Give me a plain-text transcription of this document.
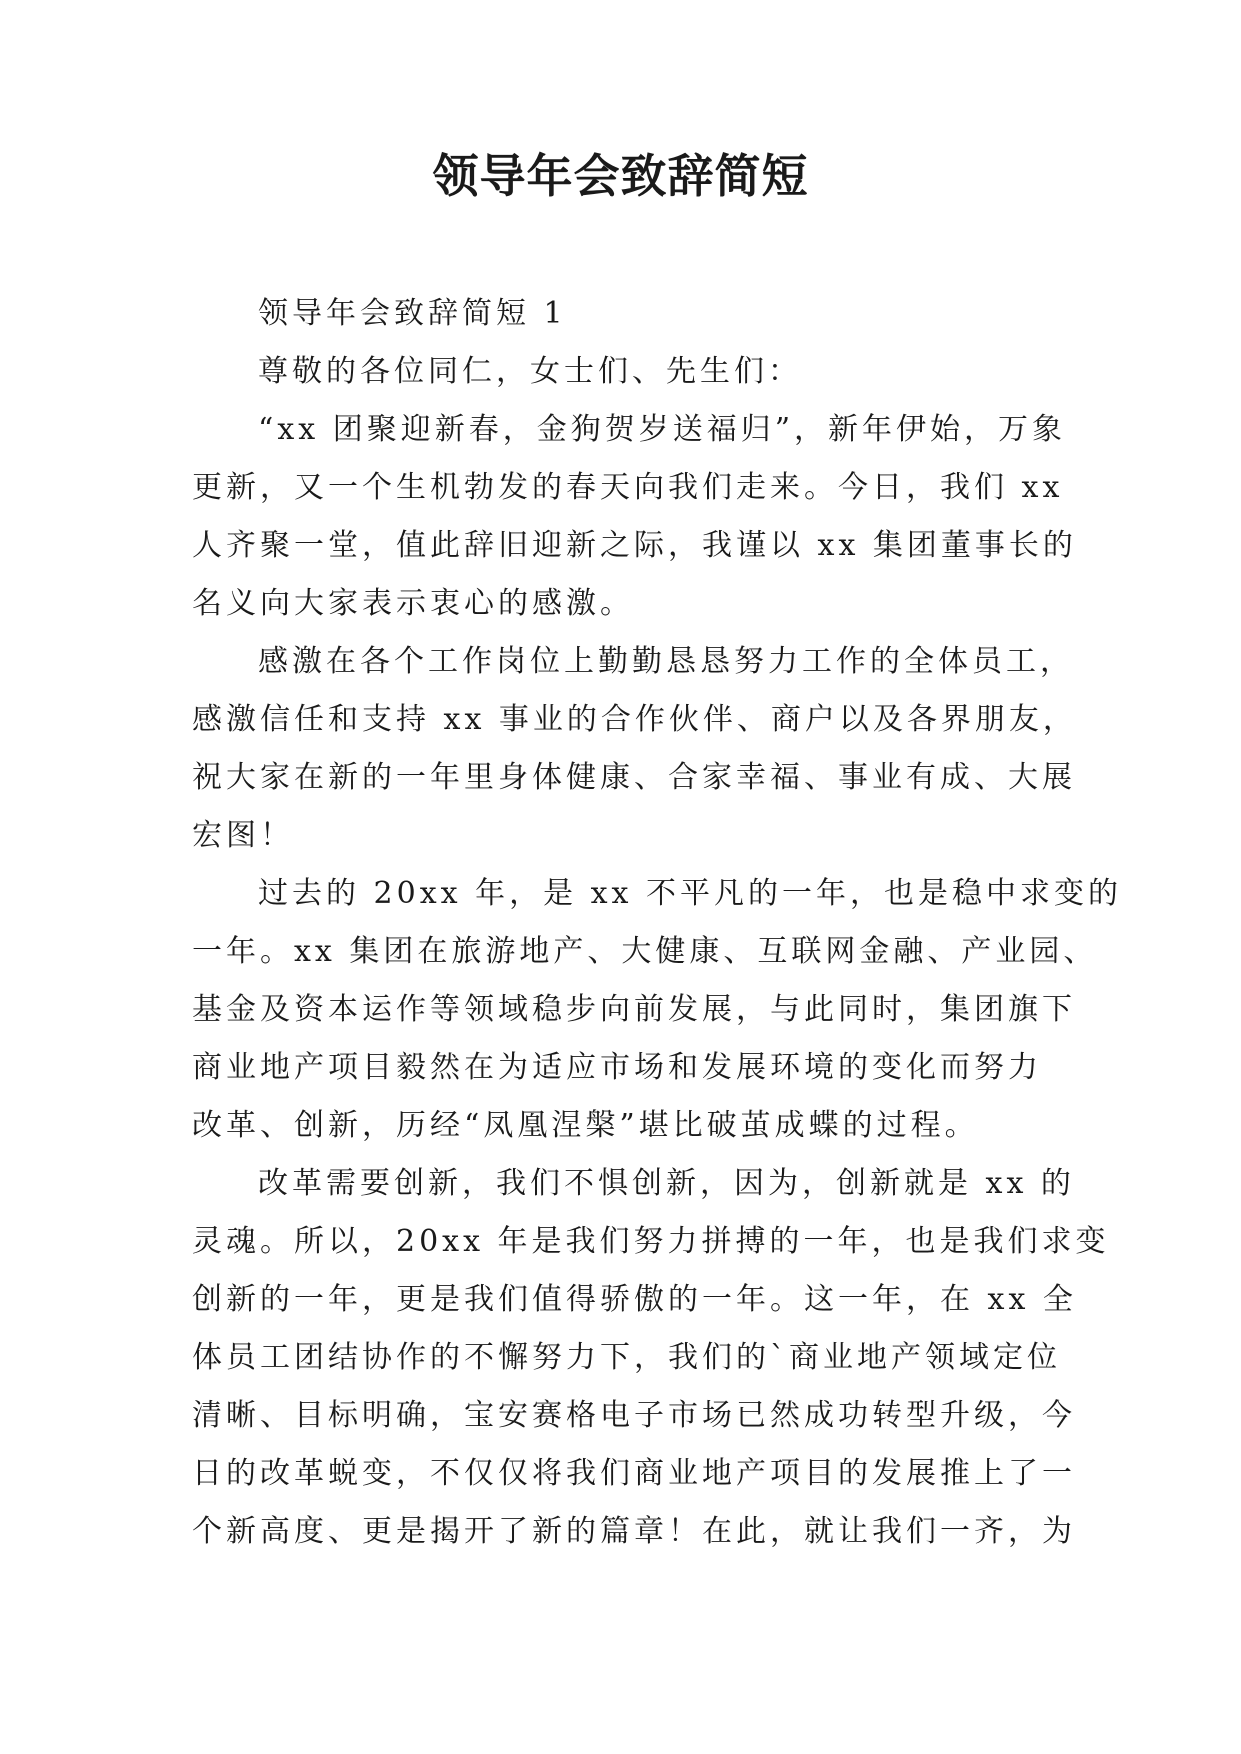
领导年会致辞简短
领导年会致辞简短 1
尊敬的各位同仁，女士们、先生们：
“xx 团聚迎新春，金狗贺岁送福归”，新年伊始，万象
更新，又一个生机勃发的春天向我们走来。今日，我们 xx
人齐聚一堂，值此辞旧迎新之际，我谨以 xx 集团董事长的
名义向大家表示衷心的感激。
感激在各个工作岗位上勤勤恳恳努力工作的全体员工，
感激信任和支持 xx 事业的合作伙伴、商户以及各界朋友，
祝大家在新的一年里身体健康、合家幸福、事业有成、大展
宏图！
过去的 20xx 年，是 xx 不平凡的一年，也是稳中求变的
一年。xx 集团在旅游地产、大健康、互联网金融、产业园、
基金及资本运作等领域稳步向前发展，与此同时，集团旗下
商业地产项目毅然在为适应市场和发展环境的变化而努力
改革、创新，历经“凤凰涅槃”堪比破茧成蝶的过程。
改革需要创新，我们不惧创新，因为，创新就是 xx 的
灵魂。所以，20xx 年是我们努力拼搏的一年，也是我们求变
创新的一年，更是我们值得骄傲的一年。这一年，在 xx 全
体员工团结协作的不懈努力下，我们的`商业地产领域定位
清晰、目标明确，宝安赛格电子市场已然成功转型升级，今
日的改革蜕变，不仅仅将我们商业地产项目的发展推上了一
个新高度、更是揭开了新的篇章！在此，就让我们一齐，为
